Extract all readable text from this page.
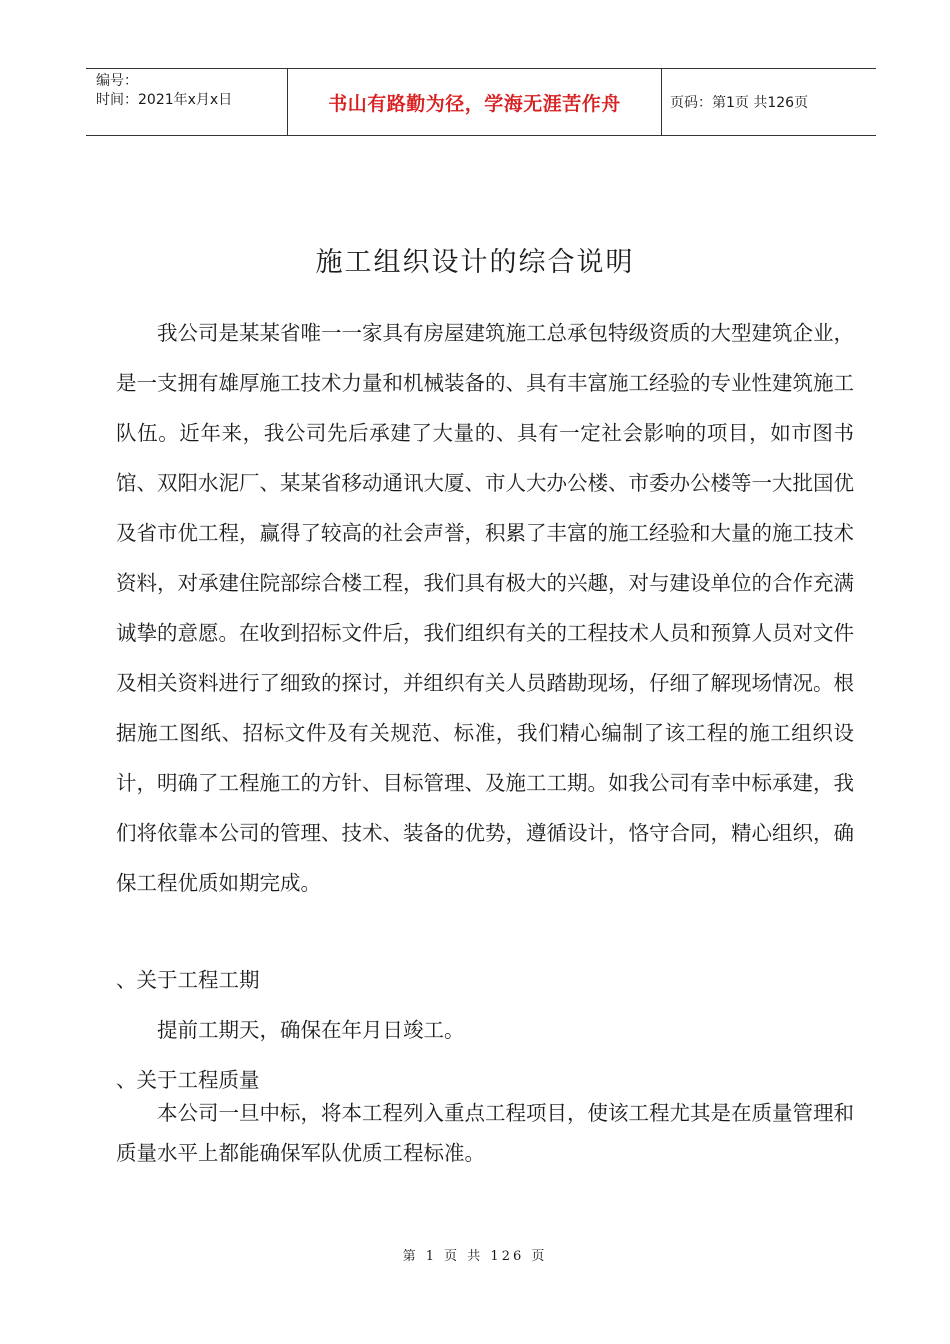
编号：
时间：2021年x月x日	书山有路勤为径，学海无涯苦作舟	页码：第1页 共126页
施工组织设计的综合说明

我公司是某某省唯一一家具有房屋建筑施工总承包特级资质的大型建筑企业，是一支拥有雄厚施工技术力量和机械装备的、具有丰富施工经验的专业性建筑施工队伍。近年来，我公司先后承建了大量的、具有一定社会影响的项目，如市图书馆、双阳水泥厂、某某省移动通讯大厦、市人大办公楼、市委办公楼等一大批国优及省市优工程，赢得了较高的社会声誉，积累了丰富的施工经验和大量的施工技术资料，对承建住院部综合楼工程，我们具有极大的兴趣，对与建设单位的合作充满诚挚的意愿。在收到招标文件后，我们组织有关的工程技术人员和预算人员对文件及相关资料进行了细致的探讨，并组织有关人员踏勘现场，仔细了解现场情况。根据施工图纸、招标文件及有关规范、标准，我们精心编制了该工程的施工组织设计，明确了工程施工的方针、目标管理、及施工工期。如我公司有幸中标承建，我们将依靠本公司的管理、技术、装备的优势，遵循设计，恪守合同，精心组织，确保工程优质如期完成。

、关于工程工期

提前工期天，确保在年月日竣工。

、关于工程质量

本公司一旦中标，将本工程列入重点工程项目，使该工程尤其是在质量管理和质量水平上都能确保军队优质工程标准。

第 1 页 共 126 页
